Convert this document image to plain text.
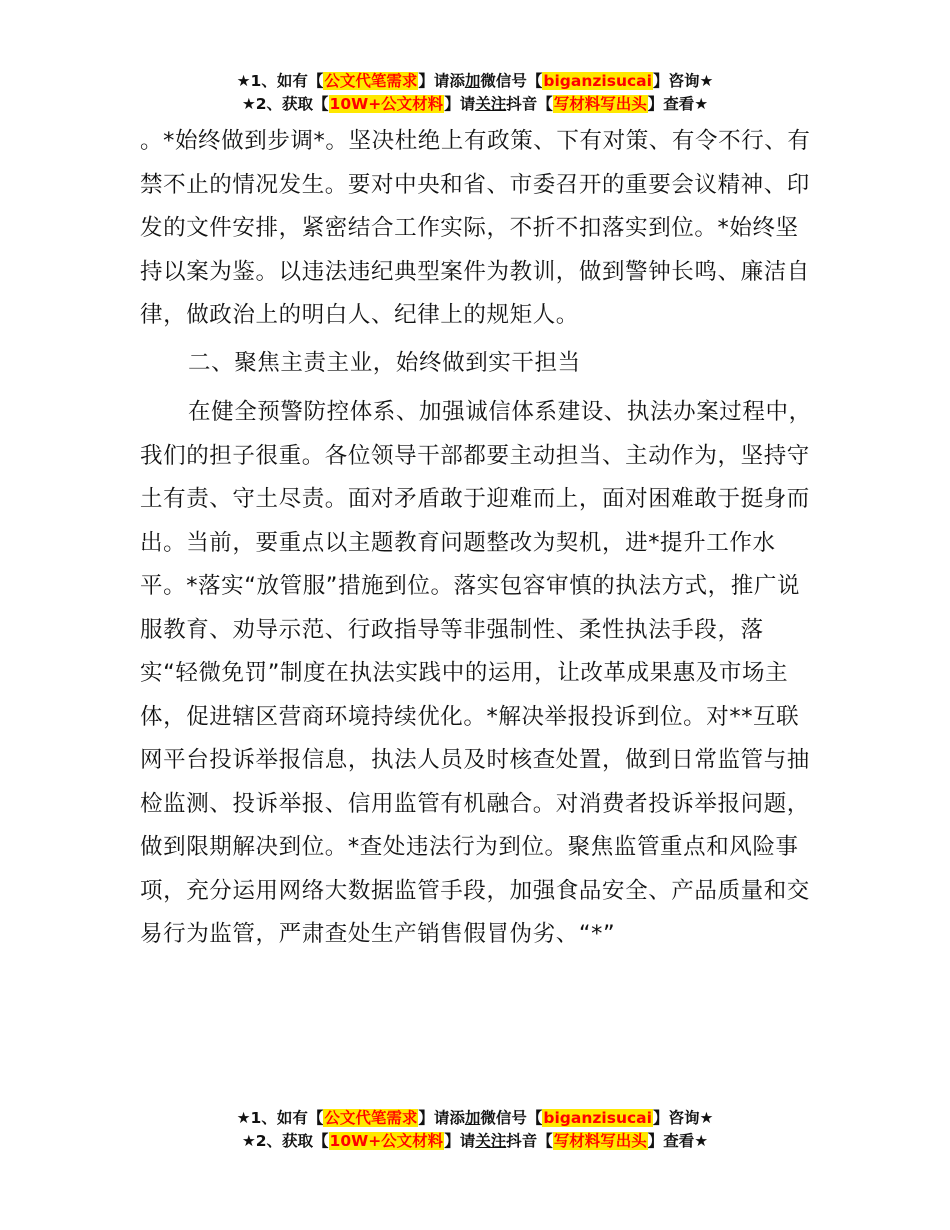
★1、如有【公文代笔需求】请添加微信号【biganzisucai】咨询★
★2、获取【10W+公文材料】请关注抖音【写材料写出头】查看★

。*始终做到步调*。坚决杜绝上有政策、下有对策、有令不行、有禁不止的情况发生。要对中央和省、市委召开的重要会议精神、印发的文件安排，紧密结合工作实际，不折不扣落实到位。*始终坚持以案为鉴。以违法违纪典型案件为教训，做到警钟长鸣、廉洁自律，做政治上的明白人、纪律上的规矩人。

二、聚焦主责主业，始终做到实干担当

在健全预警防控体系、加强诚信体系建设、执法办案过程中，我们的担子很重。各位领导干部都要主动担当、主动作为，坚持守土有责、守土尽责。面对矛盾敢于迎难而上，面对困难敢于挺身而出。当前，要重点以主题教育问题整改为契机，进*提升工作水平。*落实“放管服”措施到位。落实包容审慎的执法方式，推广说服教育、劝导示范、行政指导等非强制性、柔性执法手段，落实“轻微免罚”制度在执法实践中的运用，让改革成果惠及市场主体，促进辖区营商环境持续优化。*解决举报投诉到位。对**互联网平台投诉举报信息，执法人员及时核查处置，做到日常监管与抽检监测、投诉举报、信用监管有机融合。对消费者投诉举报问题，做到限期解决到位。*查处违法行为到位。聚焦监管重点和风险事项，充分运用网络大数据监管手段，加强食品安全、产品质量和交易行为监管，严肃查处生产销售假冒伪劣、“*”

★1、如有【公文代笔需求】请添加微信号【biganzisucai】咨询★
★2、获取【10W+公文材料】请关注抖音【写材料写出头】查看★
